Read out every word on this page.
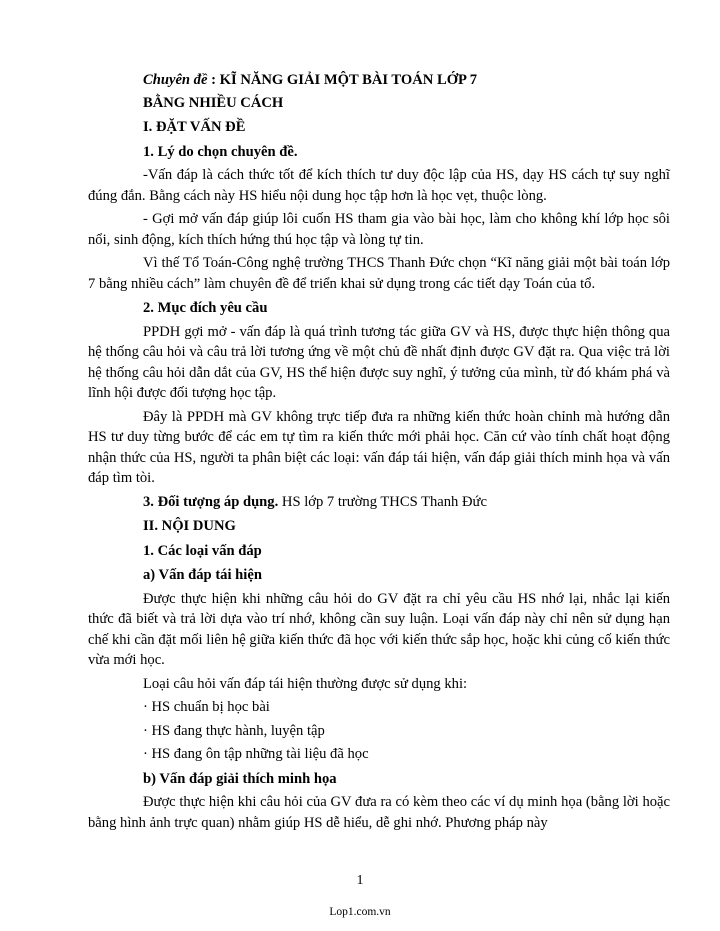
Chuyên đề : KĨ NĂNG GIẢI MỘT BÀI TOÁN LỚP 7
BẰNG NHIỀU CÁCH
I. ĐẶT VẤN ĐỀ
1. Lý do chọn chuyên đề.
-Vấn đáp là cách thức tốt để kích thích tư duy độc lập của HS, dạy HS cách tự suy nghĩ đúng đắn. Bằng cách này HS hiểu nội dung học tập hơn là học vẹt, thuộc lòng.
- Gợi mở vấn đáp giúp lôi cuốn HS tham gia vào bài học, làm cho không khí lớp học sôi nổi, sinh động, kích thích hứng thú học tập và lòng tự tin.
Vì thế Tổ Toán-Công nghệ trường THCS Thanh Đức chọn “Kĩ năng giải một bài toán lớp 7 bằng nhiều cách” làm chuyên đề để triển khai sử dụng trong các tiết dạy Toán của tổ.
2. Mục đích yêu cầu
PPDH gợi mở - vấn đáp là quá trình tương tác giữa GV và HS, được thực hiện thông qua hệ thống câu hỏi và câu trả lời tương ứng về một chủ đề nhất định được GV đặt ra. Qua việc trả lời hệ thống câu hỏi dẫn dắt của GV, HS thể hiện được suy nghĩ, ý tưởng của mình, từ đó khám phá và lĩnh hội được đối tượng học tập.
Đây là PPDH mà GV không trực tiếp đưa ra những kiến thức hoàn chỉnh mà hướng dẫn HS tư duy từng bước để các em tự tìm ra kiến thức mới phải học. Căn cứ vào tính chất hoạt động nhận thức của HS, người ta phân biệt các loại: vấn đáp tái hiện, vấn đáp giải thích minh họa và vấn đáp tìm tòi.
3. Đối tượng áp dụng. HS lớp 7 trường THCS Thanh Đức
II. NỘI DUNG
1. Các loại vấn đáp
a) Vấn đáp tái hiện
Được thực hiện khi những câu hỏi do GV đặt ra chỉ yêu cầu HS nhớ lại, nhắc lại kiến thức đã biết và trả lời dựa vào trí nhớ, không cần suy luận. Loại vấn đáp này chỉ nên sử dụng hạn chế khi cần đặt mối liên hệ giữa kiến thức đã học với kiến thức sắp học, hoặc khi củng cố kiến thức vừa mới học.
Loại câu hỏi vấn đáp tái hiện thường được sử dụng khi:
· HS chuẩn bị học bài
· HS đang thực hành, luyện tập
· HS đang ôn tập những tài liệu đã học
b) Vấn đáp giải thích minh họa
Được thực hiện khi câu hỏi của GV đưa ra có kèm theo các ví dụ minh họa (bằng lời hoặc bằng hình ảnh trực quan) nhằm giúp HS dễ hiểu, dễ ghi nhớ. Phương pháp này
1
Lop1.com.vn
